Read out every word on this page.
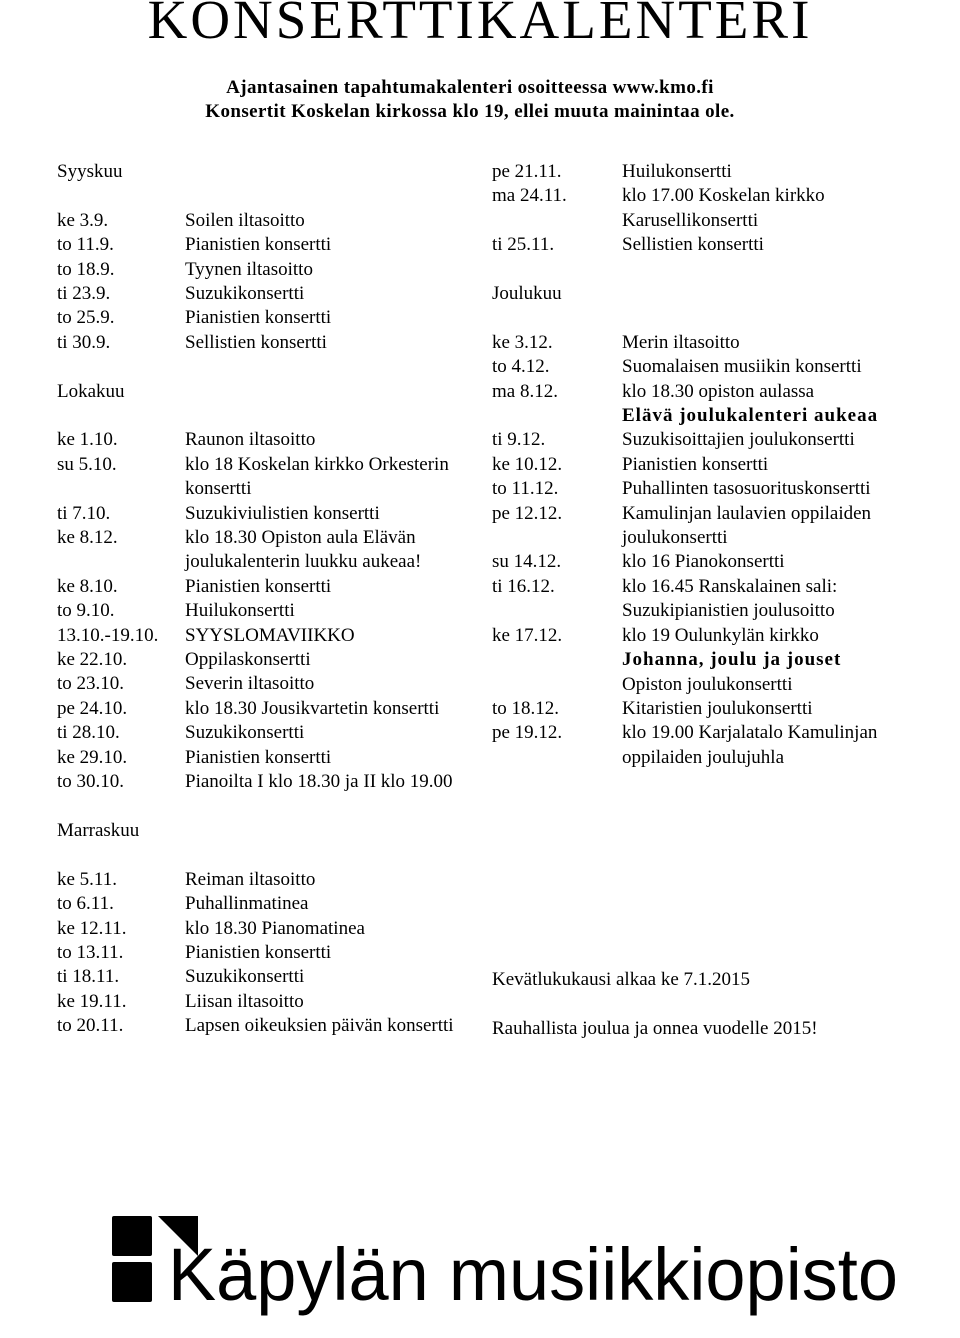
KONSERTTIKALENTERI
Ajantasainen tapahtumakalenteri osoitteessa www.kmo.fi
Konsertit Koskelan kirkossa klo 19, ellei muuta mainintaa ole.
Syyskuu
ke 3.9.	Soilen iltasoitto
to 11.9.	Pianistien konsertti
to 18.9.	Tyynen iltasoitto
ti 23.9.	Suzukikonsertti
to 25.9.	Pianistien konsertti
ti 30.9.	Sellistien konsertti
Lokakuu
ke 1.10.	Raunon iltasoitto
su 5.10.	klo 18 Koskelan kirkko Orkesterin konsertti
ti 7.10.	Suzukiviulistien konsertti
ke 8.12.	klo 18.30 Opiston aula Elävän joulukalenterin luukku aukeaa!
ke 8.10.	Pianistien konsertti
to 9.10.	Huilukonsertti
13.10.-19.10.	SYYSLOMAVIIKKO
ke 22.10.	Oppilaskonsertti
to 23.10.	Severin iltasoitto
pe 24.10.	klo 18.30 Jousikvartetin konsertti
ti 28.10.	Suzukikonsertti
ke 29.10.	Pianistien konsertti
to 30.10.	Pianoilta I klo 18.30 ja II klo 19.00
Marraskuu
ke 5.11.	Reiman iltasoitto
to 6.11.	Puhallinmatinea
ke 12.11.	klo 18.30 Pianomatinea
to 13.11.	Pianistien konsertti
ti 18.11.	Suzukikonsertti
ke 19.11.	Liisan iltasoitto
to 20.11.	Lapsen oikeuksien päivän konsertti
pe 21.11.	Huilukonsertti
ma 24.11.	klo 17.00 Koskelan kirkko Karusellikonsertti
ti 25.11.	Sellistien konsertti
Joulukuu
ke 3.12.	Merin iltasoitto
to 4.12.	Suomalaisen musiikin konsertti
ma 8.12.	klo 18.30 opiston aulassa
Elävä joulukalenteri aukeaa
ti 9.12.	Suzukisoittajien joulukonsertti
ke 10.12.	Pianistien konsertti
to 11.12.	Puhallinten tasosuorituskonsertti
pe 12.12.	Kamulinjan laulavien oppilaiden joulukonsertti
su 14.12.	klo 16 Pianokonsertti
ti 16.12.	klo 16.45 Ranskalainen sali: Suzukipianistien joulusoitto
ke 17.12.	klo 19 Oulunkylän kirkko
Johanna, joulu ja jouset
Opiston joulukonsertti
to 18.12.	Kitaristien joulukonsertti
pe 19.12.	klo 19.00 Karjalatalo Kamulinjan oppilaiden joulujuhla
Kevätlukukausi alkaa ke 7.1.2015
Rauhallista joulua ja onnea vuodelle 2015!
Käpylän musiikkiopisto
